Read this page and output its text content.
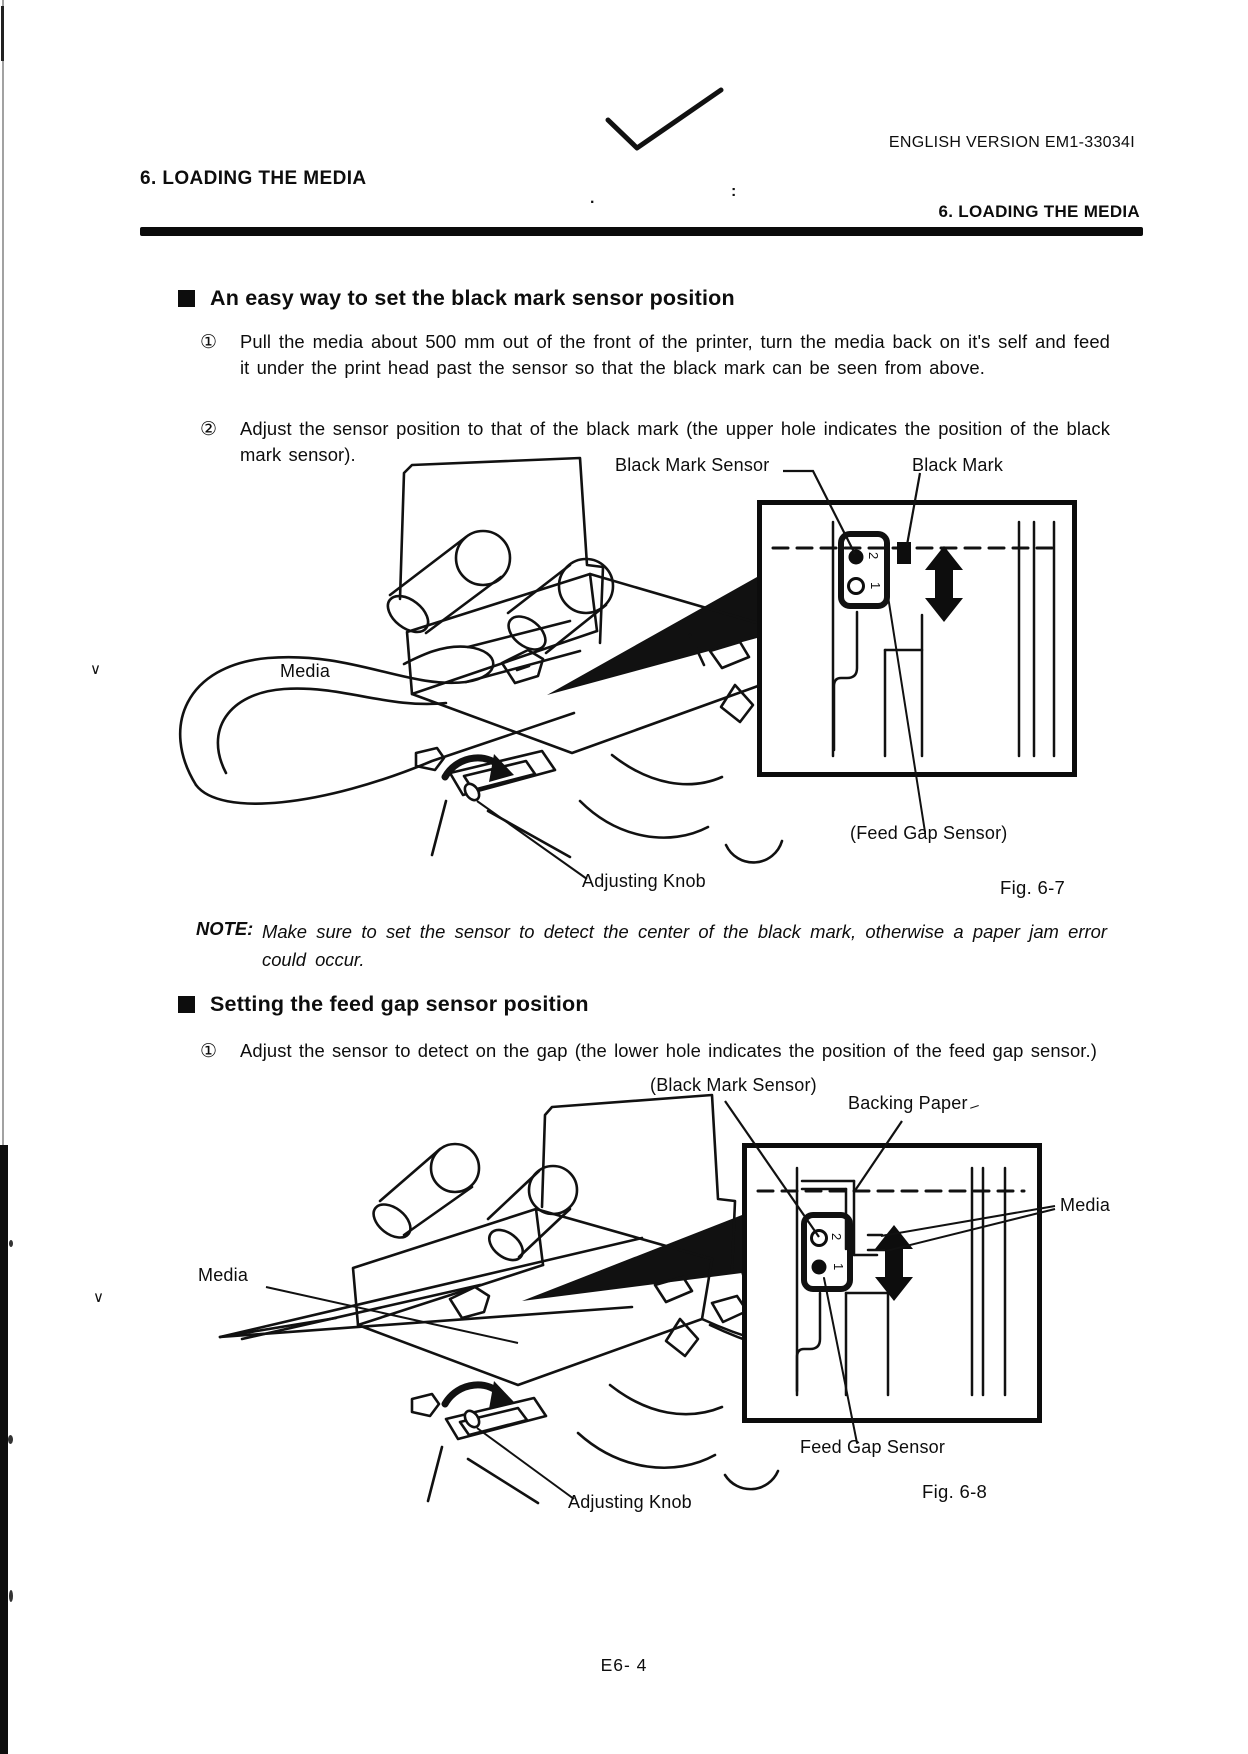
.	:
∨
∨
ENGLISH VERSION EM1-33034I
6. LOADING THE MEDIA
6. LOADING THE MEDIA
An easy way to set the black mark sensor position
① Pull the media about 500 mm out of the front of the printer, turn the media back on it's self and feed it under the print head past the sensor so that the black mark can be seen from above.
② Adjust the sensor position to that of the black mark (the upper hole indicates the position of the black mark sensor).
2
1
Black Mark Sensor	Black Mark
Media
(Feed Gap Sensor)
Adjusting Knob	Fig. 6-7
NOTE: Make sure to set the sensor to detect the center of the black mark, otherwise a paper jam error could occur.
Setting the feed gap sensor position
① Adjust the sensor to detect on the gap (the lower hole indicates the position of the feed gap sensor.)
2
1
(Black Mark Sensor)
Backing Paper
Media
Media
Feed Gap Sensor
Adjusting Knob	Fig. 6-8
–
E6- 4
